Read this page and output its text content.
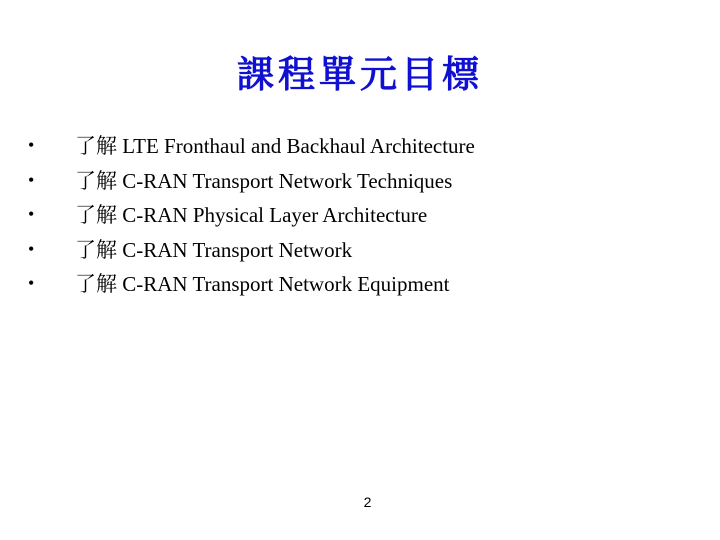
課程單元目標
•	了解 LTE Fronthaul and Backhaul Architecture
•	了解 C-RAN Transport Network Techniques
•	了解 C-RAN Physical Layer Architecture
•	了解 C-RAN Transport Network
•	了解 C-RAN Transport Network Equipment
2
